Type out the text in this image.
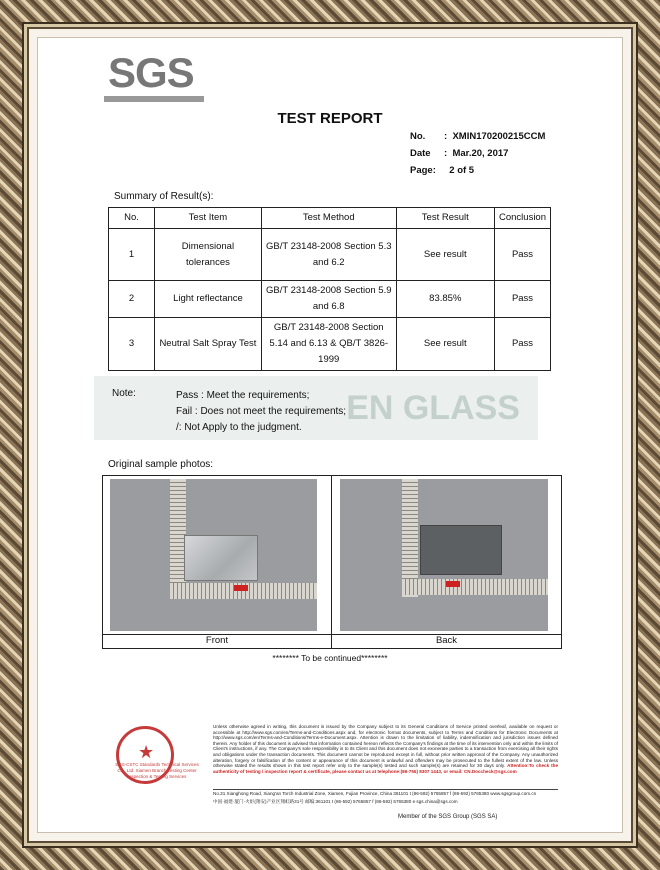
SGS
TEST REPORT
No. : XMIN170200215CCM
Date : Mar.20, 2017
Page: 2 of 5
Summary of Result(s):
No.	Test Item	Test Method	Test Result	Conclusion
1	Dimensional tolerances	GB/T 23148-2008 Section 5.3 and 6.2	See result	Pass
2	Light reflectance	GB/T 23148-2008 Section 5.9 and 6.8	83.85%	Pass
3	Neutral Salt Spray Test	GB/T 23148-2008 Section 5.14 and 6.13 & QB/T 3826-1999	See result	Pass
EN GLASS
Note:	Pass : Meet the requirements;
Fail : Does not meet the requirements;
/: Not Apply to the judgment.
Original sample photos:
Front	Back
******** To be continued********
★
SGS-CSTC Standards Technical Services Co., Ltd. Xiamen Branch Testing Center Inspection & Testing Services
Unless otherwise agreed in writing, this document is issued by the Company subject to its General Conditions of Service printed overleaf, available on request or accessible at http://www.sgs.com/en/Terms-and-Conditions.aspx and, for electronic format documents, subject to Terms and Conditions for Electronic Documents at http://www.sgs.com/en/Terms-and-Conditions/Terms-e-Document.aspx. Attention is drawn to the limitation of liability, indemnification and jurisdiction issues defined therein. Any holder of this document is advised that information contained hereon reflects the Company's findings at the time of its intervention only and within the limits of Client's instructions, if any. The Company's sole responsibility is to its Client and this document does not exonerate parties to a transaction from exercising all their rights and obligations under the transaction documents. This document cannot be reproduced except in full, without prior written approval of the Company. Any unauthorized alteration, forgery or falsification of the content or appearance of this document is unlawful and offenders may be prosecuted to the fullest extent of the law. Unless otherwise stated the results shown in this test report refer only to the sample(s) tested and such sample(s) are retained for 30 days only. Attention:To check the authenticity of testing / inspection report & certificate, please contact us at telephone:(86-755) 8307 1443, or email: CN.Doccheck@sgs.com
No.31 Xianghong Road, Xiang'an Torch Industrial Zone, Xiamen, Fujian Province, China 361101 t (86-592) 5765857 f (86-592) 5765380 www.sgsgroup.com.cn
中国·福建·厦门·火炬(翔安)产业区翔虹路31号 邮编:361101 t (86-592) 5765857 f (86-592) 5765380 e sgs.china@sgs.com
Member of the SGS Group (SGS SA)
